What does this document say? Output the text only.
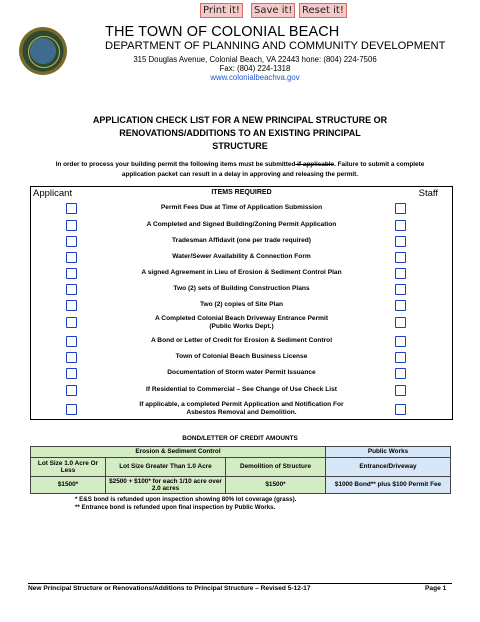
Print it!	Save it! Reset it!
THE TOWN OF COLONIAL BEACH
DEPARTMENT OF PLANNING AND COMMUNITY DEVELOPMENT
315 Douglas Avenue, Colonial Beach, VA 22443 hone: (804) 224-7506
Fax: (804) 224-1318
www.colonialbeachva.gov
APPLICATION CHECK LIST FOR A NEW PRINCIPAL STRUCTURE OR
RENOVATIONS/ADDITIONS TO AN EXISTING PRINCIPAL
STRUCTURE
In order to process your building permit the following items must be submitted if applicable. Failure to submit a complete
application packet can result in a delay in approving and releasing the permit.
Applicant	ITEMS REQUIRED	Staff
Permit Fees Due at Time of Application Submission
A Completed and Signed Building/Zoning Permit Application
Tradesman Affidavit (one per trade required)
Water/Sewer Availability & Connection Form
A signed Agreement in Lieu of Erosion & Sediment Control Plan
Two (2) sets of Building Construction Plans
Two (2) copies of Site Plan
A Completed Colonial Beach Driveway Entrance Permit
(Public Works Dept.)
A Bond or Letter of Credit for Erosion & Sediment Control
Town of Colonial Beach Business License
Documentation of Storm water Permit Issuance
If Residential to Commercial – See Change of Use Check List
If applicable, a completed Permit Application and Notification For
Asbestos Removal and Demolition.
BOND/LETTER OF CREDIT AMOUNTS
Erosion & Sediment Control			Public Works
Lot Size 1.0 Acre Or Less	Lot Size Greater Than 1.0 Acre	Demolition of Structure	Entrance/Driveway
$1500*	$2500 + $100* for each 1/10 acre over 2.0 acres	$1500*	$1000 Bond** plus $100 Permit Fee
* E&S bond is refunded upon inspection showing 80% lot coverage (grass).
** Entrance bond is refunded upon final inspection by Public Works.
New Principal Structure or Renovations/Additions to Principal Structure – Revised 5-12-17	Page 1
